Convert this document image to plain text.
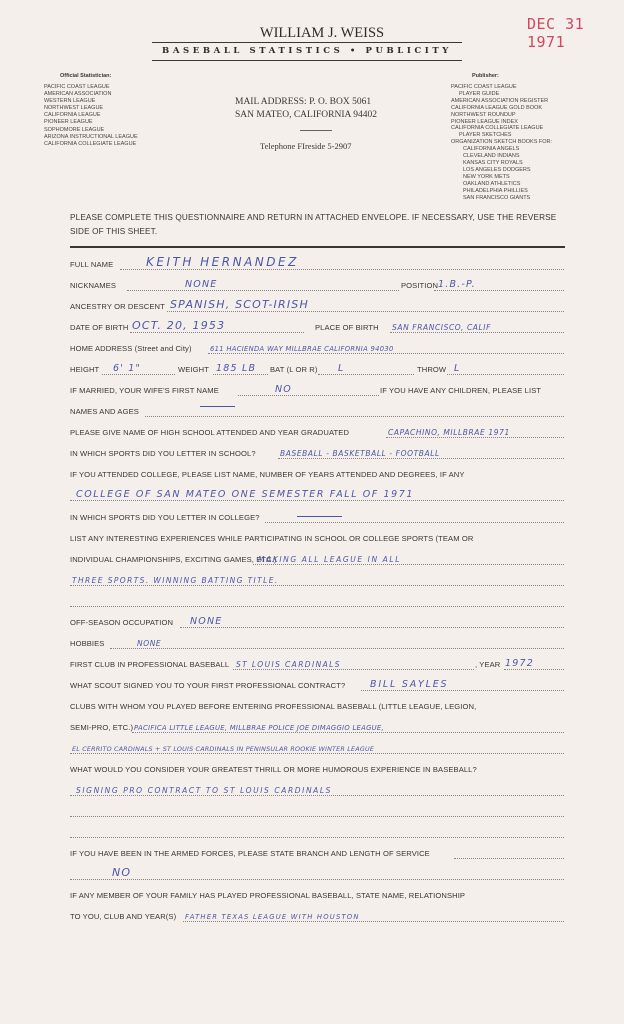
DEC 31 1971
WILLIAM J. WEISS
BASEBALL STATISTICS • PUBLICITY
Official Statistician:
PACIFIC COAST LEAGUE
AMERICAN ASSOCIATION
WESTERN LEAGUE
NORTHWEST LEAGUE
CALIFORNIA LEAGUE
PIONEER LEAGUE
SOPHOMORE LEAGUE
ARIZONA INSTRUCTIONAL LEAGUE
CALIFORNIA COLLEGIATE LEAGUE
MAIL ADDRESS: P. O. BOX 5061
SAN MATEO, CALIFORNIA 94402
Telephone FIreside 5-2907
Publisher:
PACIFIC COAST LEAGUE
PLAYER GUIDE
AMERICAN ASSOCIATION REGISTER
CALIFORNIA LEAGUE GOLD BOOK
NORTHWEST ROUNDUP
PIONEER LEAGUE INDEX
CALIFORNIA COLLEGIATE LEAGUE
PLAYER SKETCHES
ORGANIZATION SKETCH BOOKS FOR:
CALIFORNIA ANGELS
CLEVELAND INDIANS
KANSAS CITY ROYALS
LOS ANGELES DODGERS
NEW YORK METS
OAKLAND ATHLETICS
PHILADELPHIA PHILLIES
SAN FRANCISCO GIANTS
PLEASE COMPLETE THIS QUESTIONNAIRE AND RETURN IN ATTACHED ENVELOPE. IF NECESSARY, USE THE REVERSE SIDE OF THIS SHEET.
FULL NAME	KEITH HERNANDEZ
NICKNAMES	NONE	POSITION 1.B.-P.
ANCESTRY OR DESCENT SPANISH, SCOT-IRISH
DATE OF BIRTH OCT. 20, 1953	PLACE OF BIRTH SAN FRANCISCO, CALIF
HOME ADDRESS (Street and City)	611 HACIENDA WAY MILLBRAE CALIFORNIA 94030
HEIGHT 6' 1"	WEIGHT 185 LB BAT (L OR R) L	THROW L
IF MARRIED, YOUR WIFE'S FIRST NAME	NO	IF YOU HAVE ANY CHILDREN, PLEASE LIST
NAMES AND AGES
PLEASE GIVE NAME OF HIGH SCHOOL ATTENDED AND YEAR GRADUATED	CAPACHINO, MILLBRAE 1971
IN WHICH SPORTS DID YOU LETTER IN SCHOOL?	BASEBALL - BASKETBALL - FOOTBALL
IF YOU ATTENDED COLLEGE, PLEASE LIST NAME, NUMBER OF YEARS ATTENDED AND DEGREES, IF ANY
COLLEGE OF SAN MATEO ONE SEMESTER FALL OF 1971
IN WHICH SPORTS DID YOU LETTER IN COLLEGE?
LIST ANY INTERESTING EXPERIENCES WHILE PARTICIPATING IN SCHOOL OR COLLEGE SPORTS (TEAM OR
INDIVIDUAL CHAMPIONSHIPS, EXCITING GAMES, ETC.)
MAKING ALL LEAGUE IN ALL
THREE SPORTS. WINNING BATTING TITLE.
OFF-SEASON OCCUPATION NONE
HOBBIES	NONE
FIRST CLUB IN PROFESSIONAL BASEBALL ST LOUIS CARDINALS	, YEAR 1972
WHAT SCOUT SIGNED YOU TO YOUR FIRST PROFESSIONAL CONTRACT?	BILL SAYLES
CLUBS WITH WHOM YOU PLAYED BEFORE ENTERING PROFESSIONAL BASEBALL (LITTLE LEAGUE, LEGION,
SEMI-PRO, ETC.) PACIFICA LITTLE LEAGUE, MILLBRAE POLICE JOE DIMAGGIO LEAGUE,
EL CERRITO CARDINALS + ST LOUIS CARDINALS IN PENINSULAR ROOKIE WINTER LEAGUE
WHAT WOULD YOU CONSIDER YOUR GREATEST THRILL OR MORE HUMOROUS EXPERIENCE IN BASEBALL?
SIGNING PRO CONTRACT TO ST LOUIS CARDINALS
IF YOU HAVE BEEN IN THE ARMED FORCES, PLEASE STATE BRANCH AND LENGTH OF SERVICE
NO
IF ANY MEMBER OF YOUR FAMILY HAS PLAYED PROFESSIONAL BASEBALL, STATE NAME, RELATIONSHIP
TO YOU, CLUB AND YEAR(S) FATHER TEXAS LEAGUE WITH HOUSTON
